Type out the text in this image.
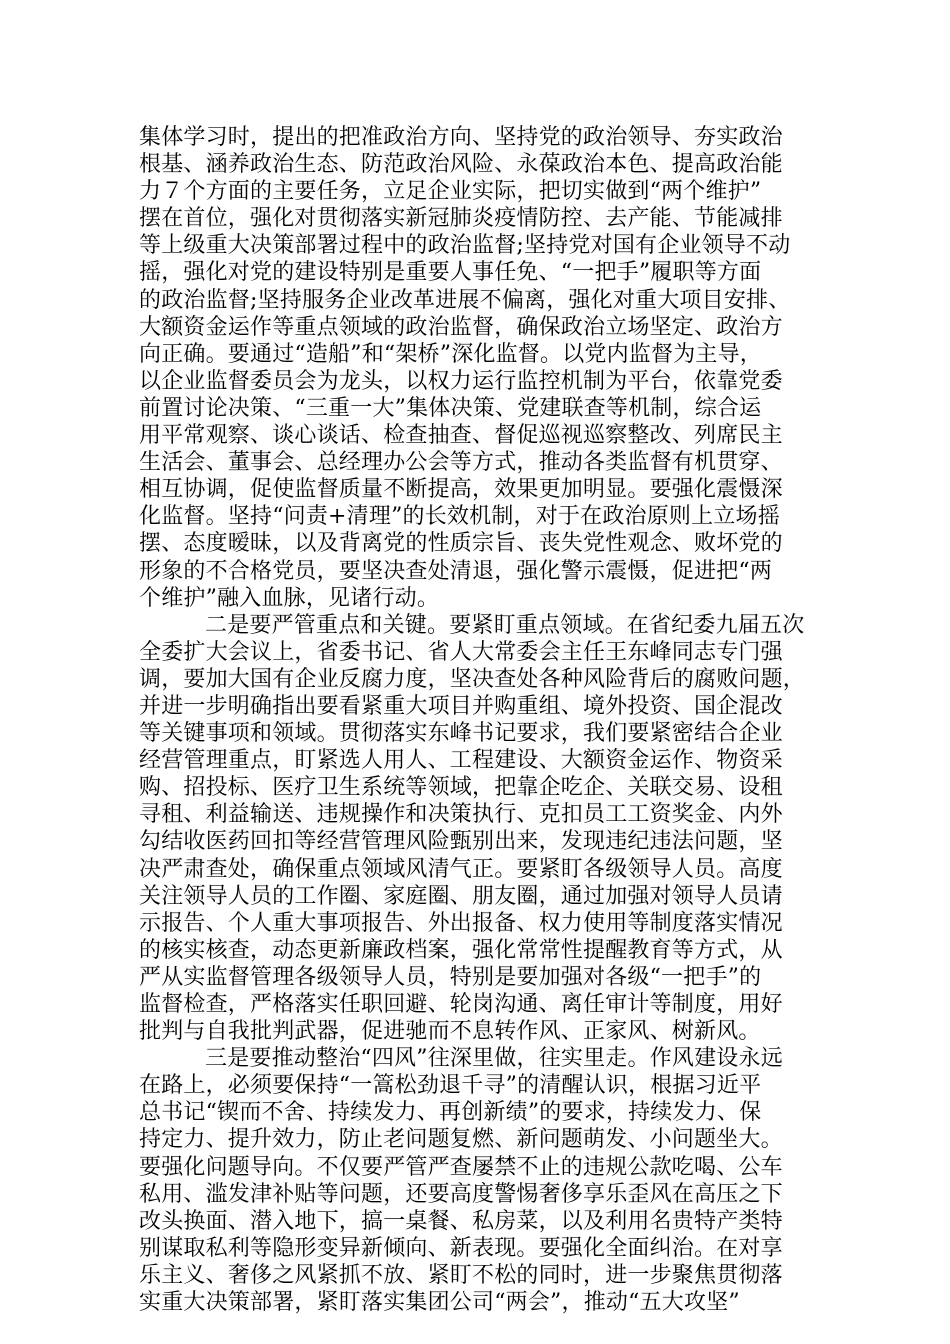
集体学习时，提出的把准政治方向、坚持党的政治领导、夯实政治
根基、涵养政治生态、防范政治风险、永葆政治本色、提高政治能
力７个方面的主要任务，立足企业实际，把切实做到“两个维护”
摆在首位，强化对贯彻落实新冠肺炎疫情防控、去产能、节能减排
等上级重大决策部署过程中的政治监督;坚持党对国有企业领导不动
摇，强化对党的建设特别是重要人事任免、“一把手”履职等方面
的政治监督;坚持服务企业改革进展不偏离，强化对重大项目安排、
大额资金运作等重点领域的政治监督，确保政治立场坚定、政治方
向正确。要通过“造船”和“架桥”深化监督。以党内监督为主导，
以企业监督委员会为龙头，以权力运行监控机制为平台，依靠党委
前置讨论决策、“三重一大”集体决策、党建联查等机制，综合运
用平常观察、谈心谈话、检查抽查、督促巡视巡察整改、列席民主
生活会、董事会、总经理办公会等方式，推动各类监督有机贯穿、
相互协调，促使监督质量不断提高，效果更加明显。要强化震慑深
化监督。坚持“问责+清理”的长效机制，对于在政治原则上立场摇
摆、态度暧昧，以及背离党的性质宗旨、丧失党性观念、败坏党的
形象的不合格党员，要坚决查处清退，强化警示震慑，促进把“两
个维护”融入血脉，见诸行动。
二是要严管重点和关键。要紧盯重点领域。在省纪委九届五次
全委扩大会议上，省委书记、省人大常委会主任王东峰同志专门强
调，要加大国有企业反腐力度，坚决查处各种风险背后的腐败问题，
并进一步明确指出要看紧重大项目并购重组、境外投资、国企混改
等关键事项和领域。贯彻落实东峰书记要求，我们要紧密结合企业
经营管理重点，盯紧选人用人、工程建设、大额资金运作、物资采
购、招投标、医疗卫生系统等领域，把靠企吃企、关联交易、设租
寻租、利益输送、违规操作和决策执行、克扣员工工资奖金、内外
勾结收医药回扣等经营管理风险甄别出来，发现违纪违法问题，坚
决严肃查处，确保重点领域风清气正。要紧盯各级领导人员。高度
关注领导人员的工作圈、家庭圈、朋友圈，通过加强对领导人员请
示报告、个人重大事项报告、外出报备、权力使用等制度落实情况
的核实核查，动态更新廉政档案，强化常常性提醒教育等方式，从
严从实监督管理各级领导人员，特别是要加强对各级“一把手”的
监督检查，严格落实任职回避、轮岗沟通、离任审计等制度，用好
批判与自我批判武器，促进驰而不息转作风、正家风、树新风。
三是要推动整治“四风”往深里做，往实里走。作风建设永远
在路上，必须要保持“一篙松劲退千寻”的清醒认识，根据习近平
总书记“锲而不舍、持续发力、再创新绩”的要求，持续发力、保
持定力、提升效力，防止老问题复燃、新问题萌发、小问题坐大。
要强化问题导向。不仅要严管严查屡禁不止的违规公款吃喝、公车
私用、滥发津补贴等问题，还要高度警惕奢侈享乐歪风在高压之下
改头换面、潜入地下，搞一桌餐、私房菜，以及利用名贵特产类特
别谋取私利等隐形变异新倾向、新表现。要强化全面纠治。在对享
乐主义、奢侈之风紧抓不放、紧盯不松的同时，进一步聚焦贯彻落
实重大决策部署，紧盯落实集团公司“两会”，推动“五大攻坚”
